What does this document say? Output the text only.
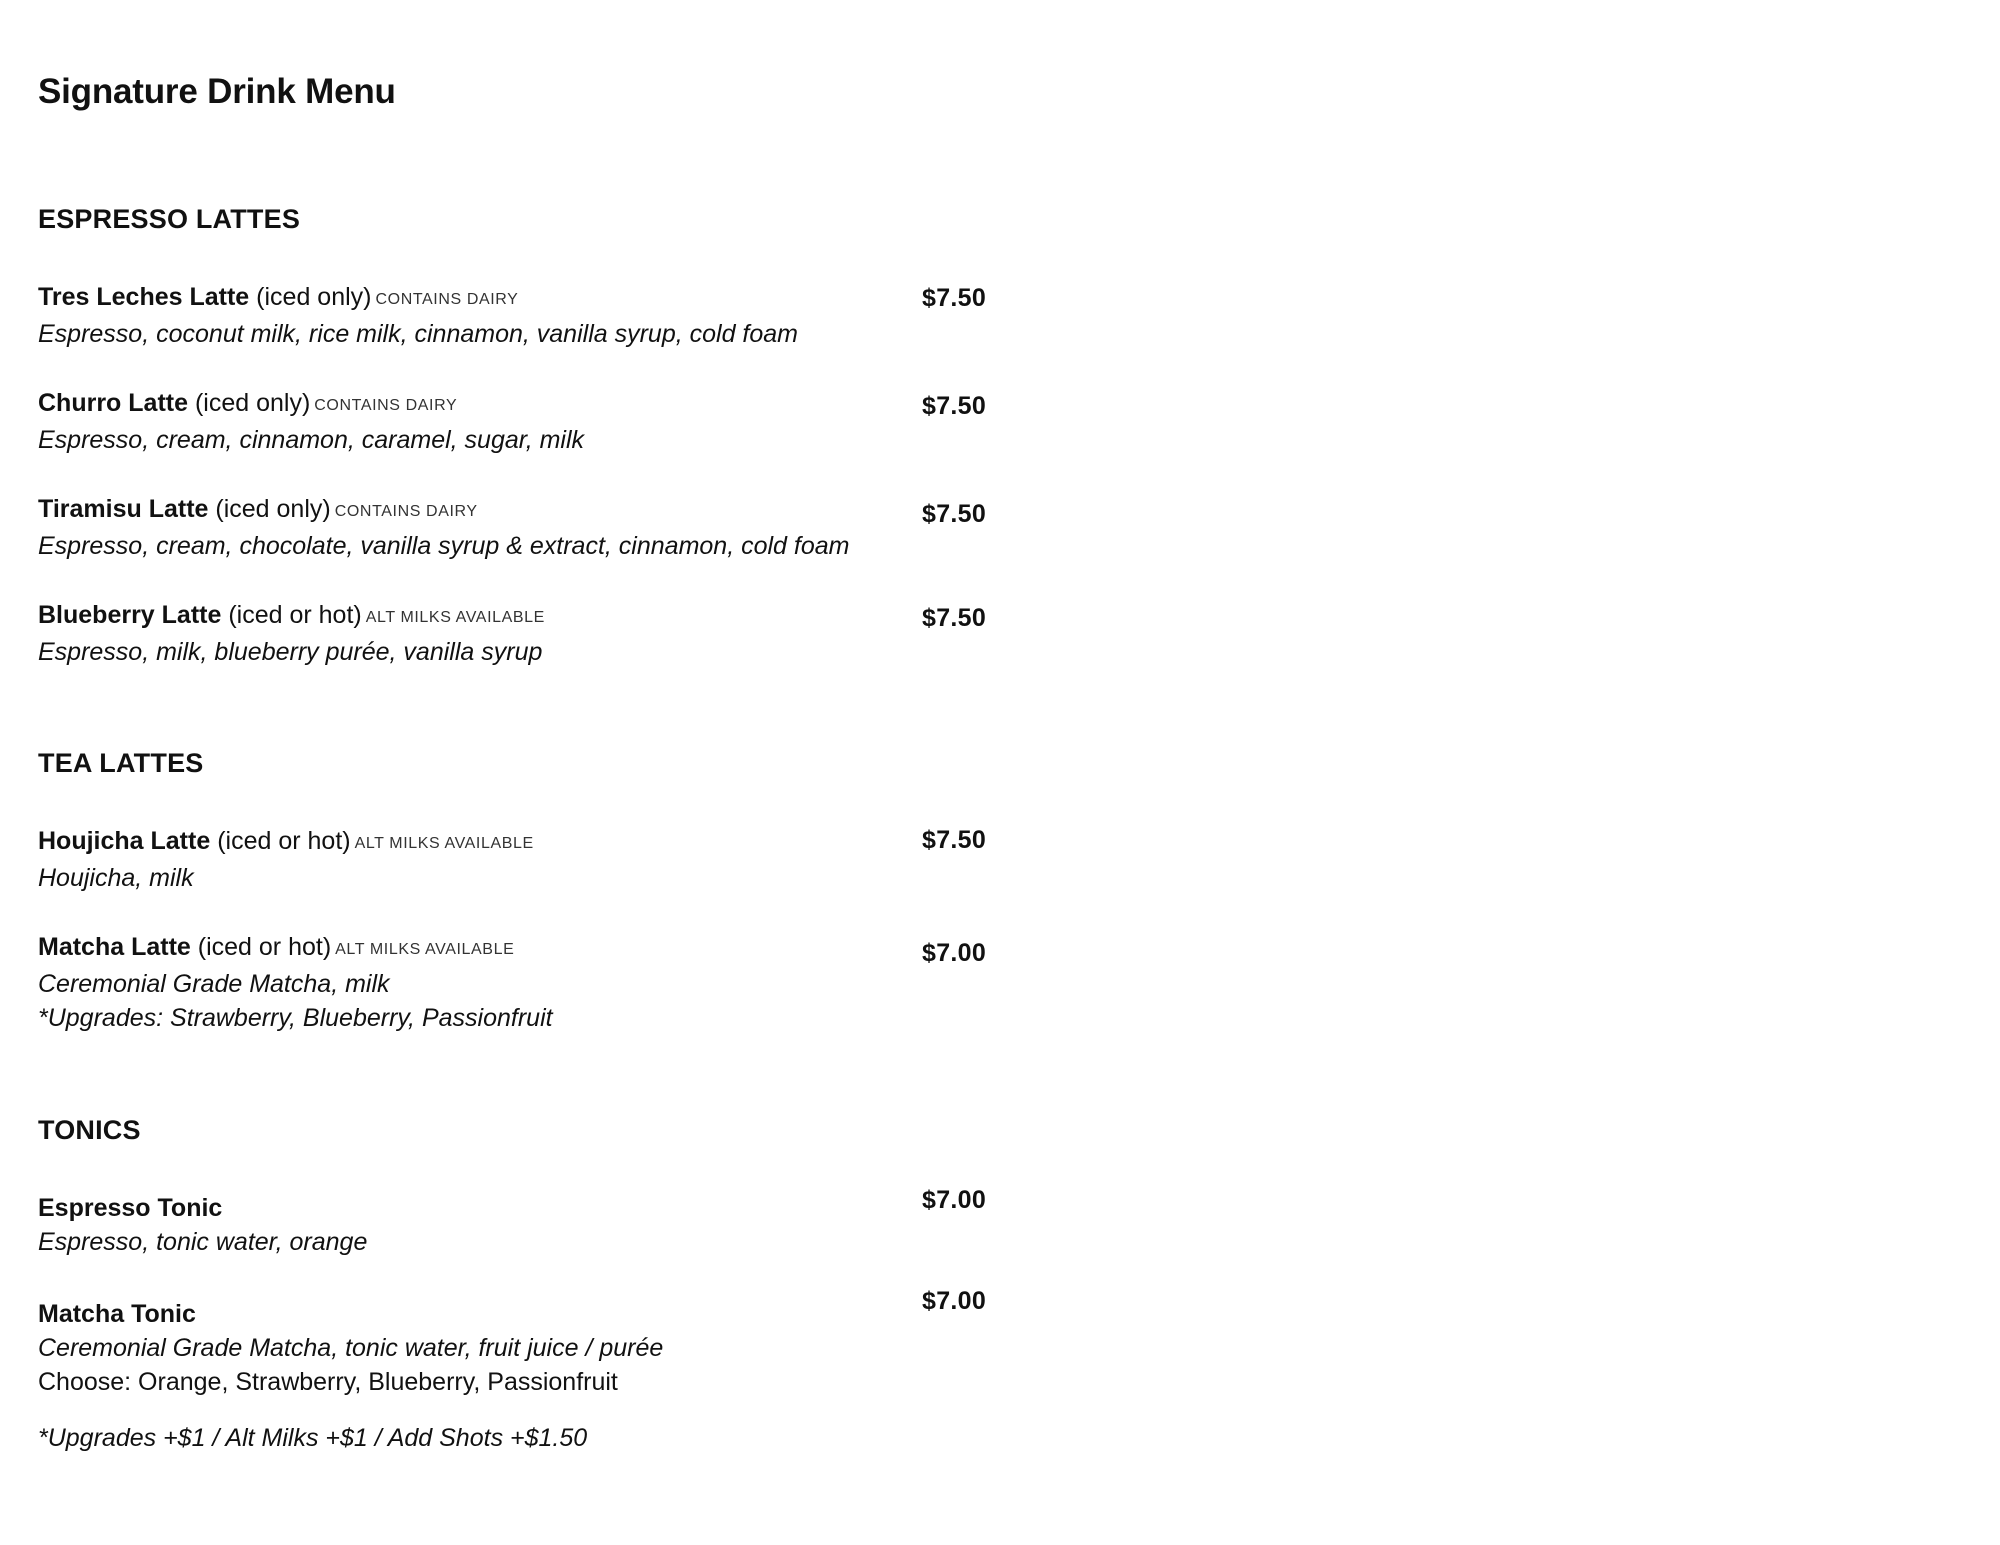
Signature Drink Menu
ESPRESSO LATTES
Tres Leches Latte (iced only) CONTAINS DAIRY
Espresso, coconut milk, rice milk, cinnamon, vanilla syrup, cold foam
$7.50
Churro Latte (iced only) CONTAINS DAIRY
Espresso, cream, cinnamon, caramel, sugar, milk
$7.50
Tiramisu Latte (iced only) CONTAINS DAIRY
Espresso, cream, chocolate, vanilla syrup & extract, cinnamon, cold foam
$7.50
Blueberry Latte (iced or hot) ALT MILKS AVAILABLE
Espresso, milk, blueberry purée, vanilla syrup
$7.50
TEA LATTES
Houjicha Latte (iced or hot) ALT MILKS AVAILABLE
Houjicha, milk
$7.50
Matcha Latte (iced or hot) ALT MILKS AVAILABLE
Ceremonial Grade Matcha, milk
*Upgrades: Strawberry, Blueberry, Passionfruit
$7.00
TONICS
Espresso Tonic
Espresso, tonic water, orange
$7.00
Matcha Tonic
Ceremonial Grade Matcha, tonic water, fruit juice / purée
Choose: Orange, Strawberry, Blueberry, Passionfruit
$7.00
*Upgrades +$1 / Alt Milks +$1 / Add Shots +$1.50
